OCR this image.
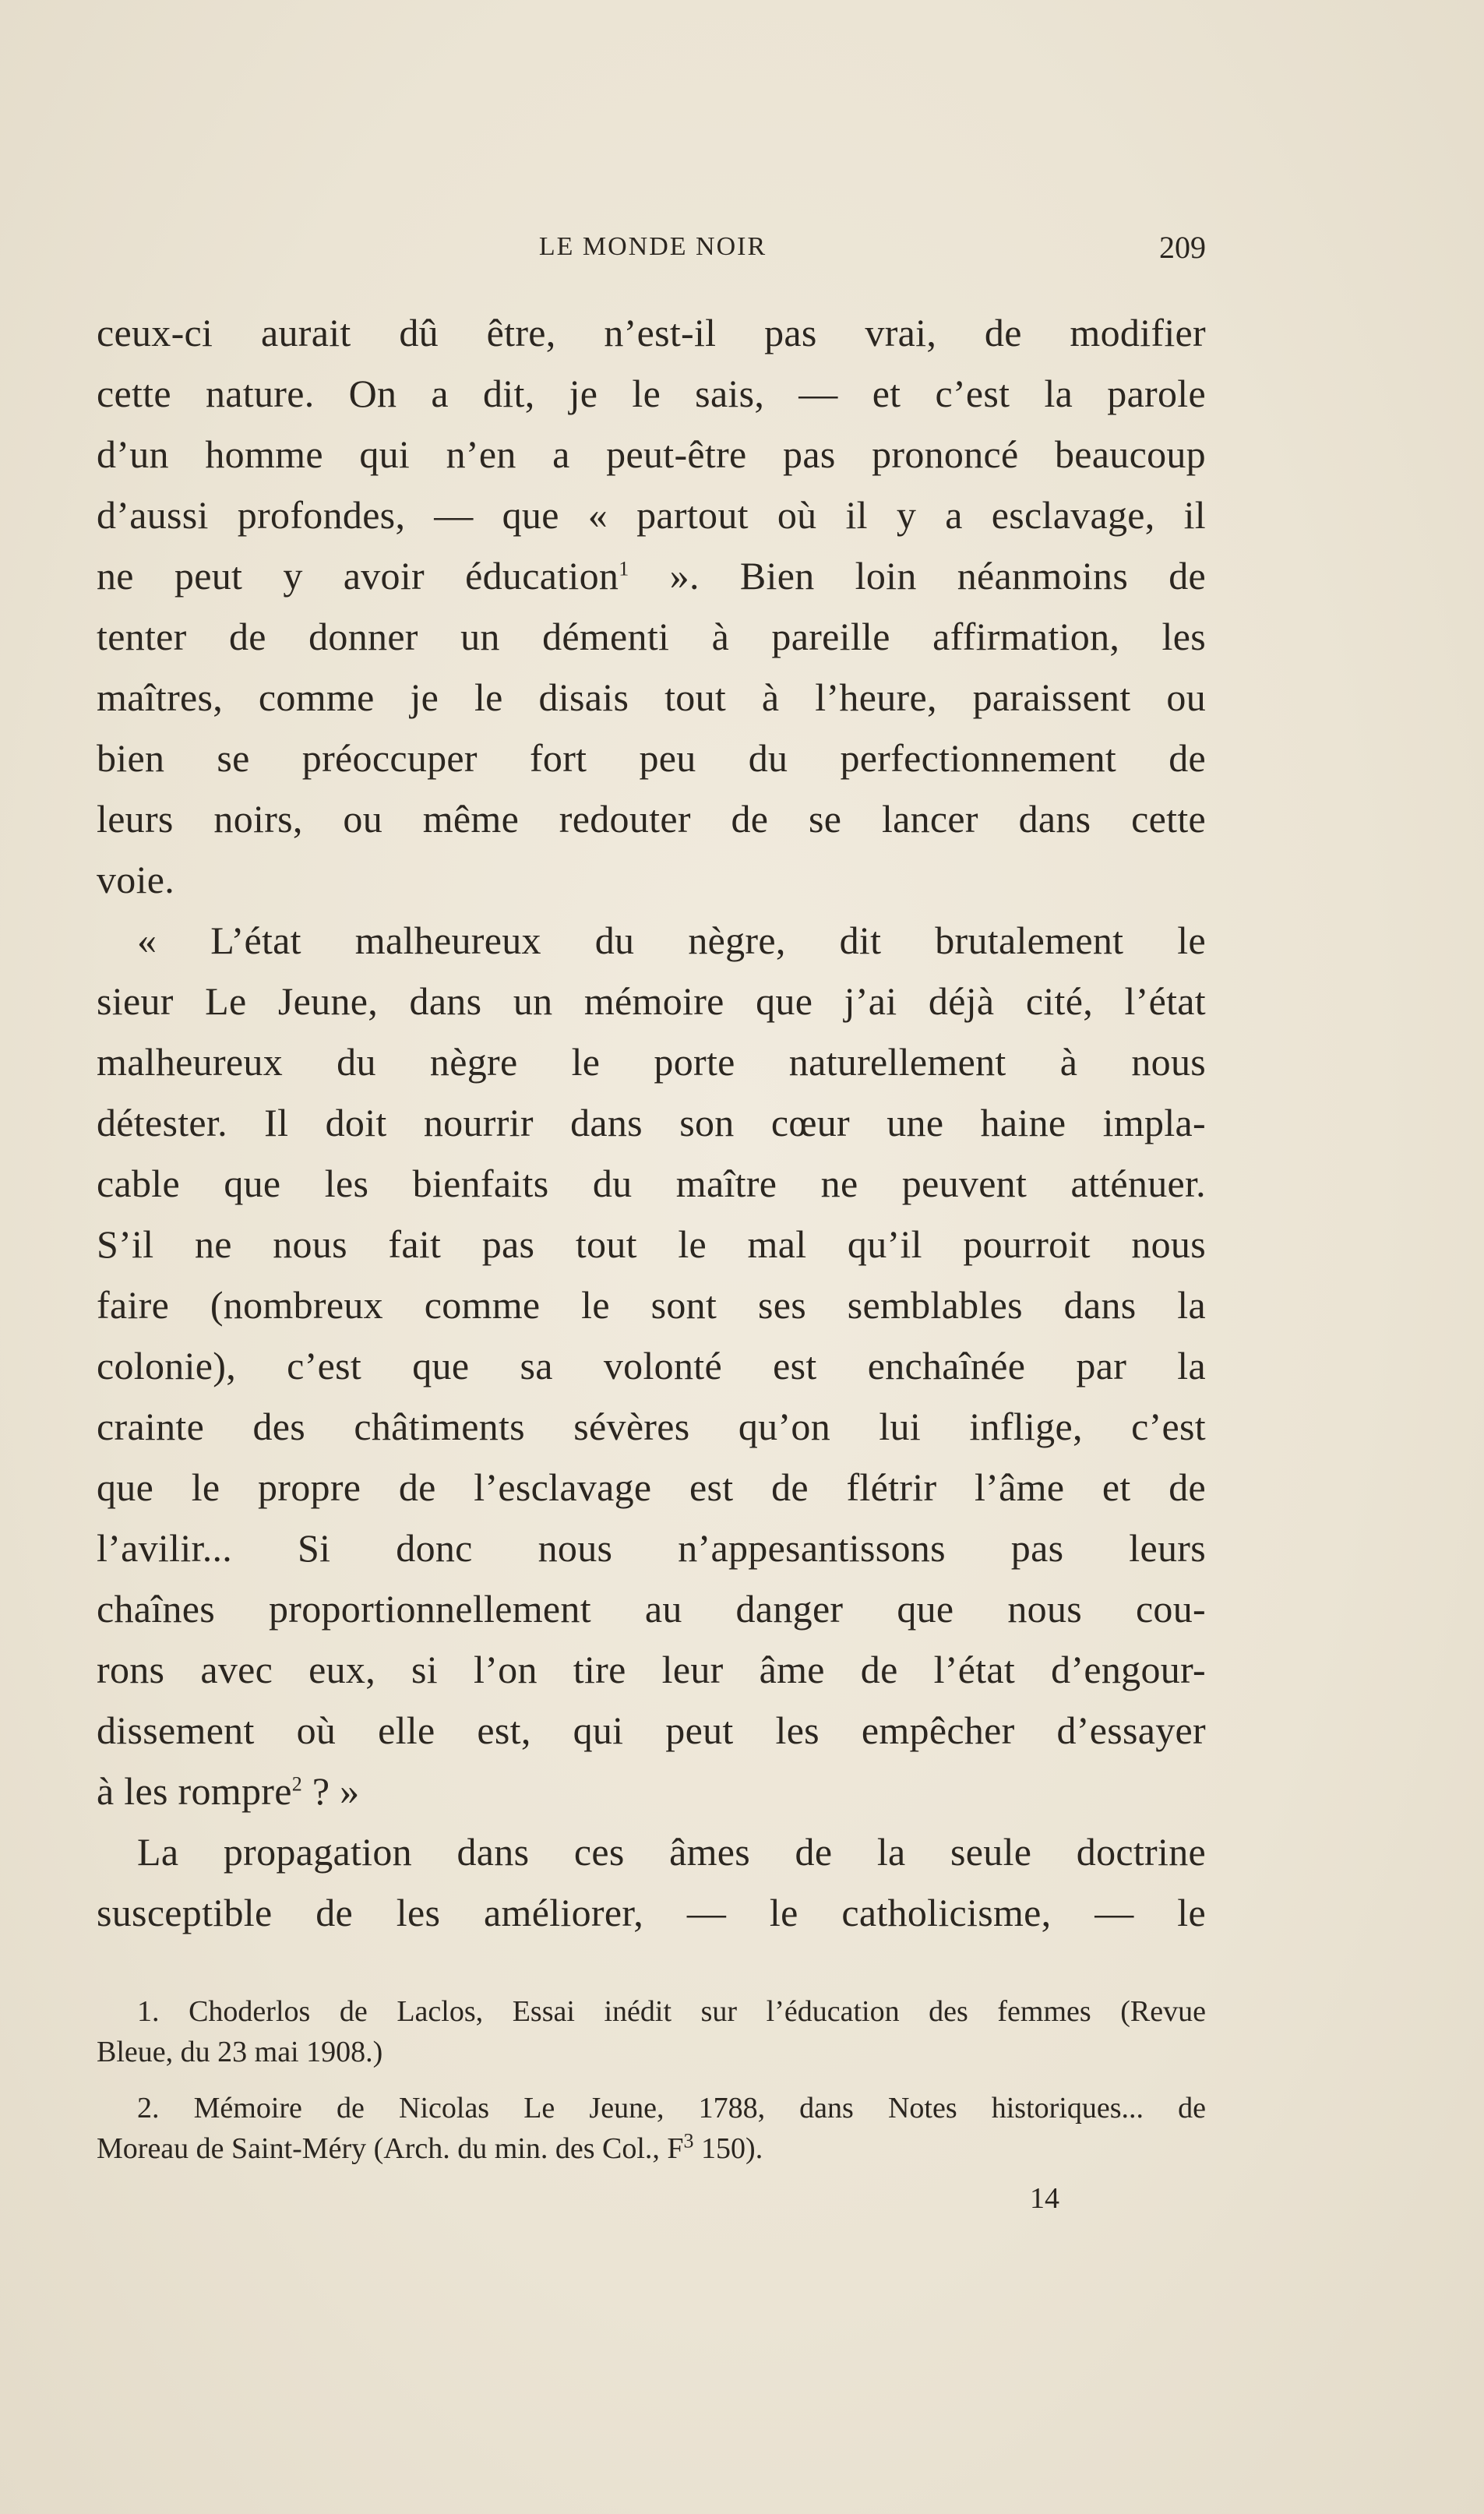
LE MONDE NOIR	209
ceux-ci aurait dû être, n’est-il pas vrai, de modifier
cette nature. On a dit, je le sais, — et c’est la parole
d’un homme qui n’en a peut-être pas prononcé beaucoup
d’aussi profondes, — que « partout où il y a esclavage, il
ne peut y avoir éducation$^1$ ». Bien loin néanmoins de
tenter de donner un démenti à pareille affirmation, les
maîtres, comme je le disais tout à l’heure, paraissent ou
bien se préoccuper fort peu du perfectionnement de
leurs noirs, ou même redouter de se lancer dans cette
voie.
« L’état malheureux du nègre, dit brutalement le
sieur Le Jeune, dans un mémoire que j’ai déjà cité, l’état
malheureux du nègre le porte naturellement à nous
détester. Il doit nourrir dans son cœur une haine impla-
cable que les bienfaits du maître ne peuvent atténuer.
S’il ne nous fait pas tout le mal qu’il pourroit nous
faire (nombreux comme le sont ses semblables dans la
colonie), c’est que sa volonté est enchaînée par la
crainte des châtiments sévères qu’on lui inflige, c’est
que le propre de l’esclavage est de flétrir l’âme et de
l’avilir... Si donc nous n’appesantissons pas leurs
chaînes proportionnellement au danger que nous cou-
rons avec eux, si l’on tire leur âme de l’état d’engour-
dissement où elle est, qui peut les empêcher d’essayer
à les rompre$^2$ ? »
La propagation dans ces âmes de la seule doctrine
susceptible de les améliorer, — le catholicisme, — le
1. Choderlos de Laclos, Essai inédit sur l’éducation des femmes (Revue
Bleue, du 23 mai 1908.)
2. Mémoire de Nicolas Le Jeune, 1788, dans Notes historiques... de
Moreau de Saint-Méry (Arch. du min. des Col., $F^3$ 150).
14
